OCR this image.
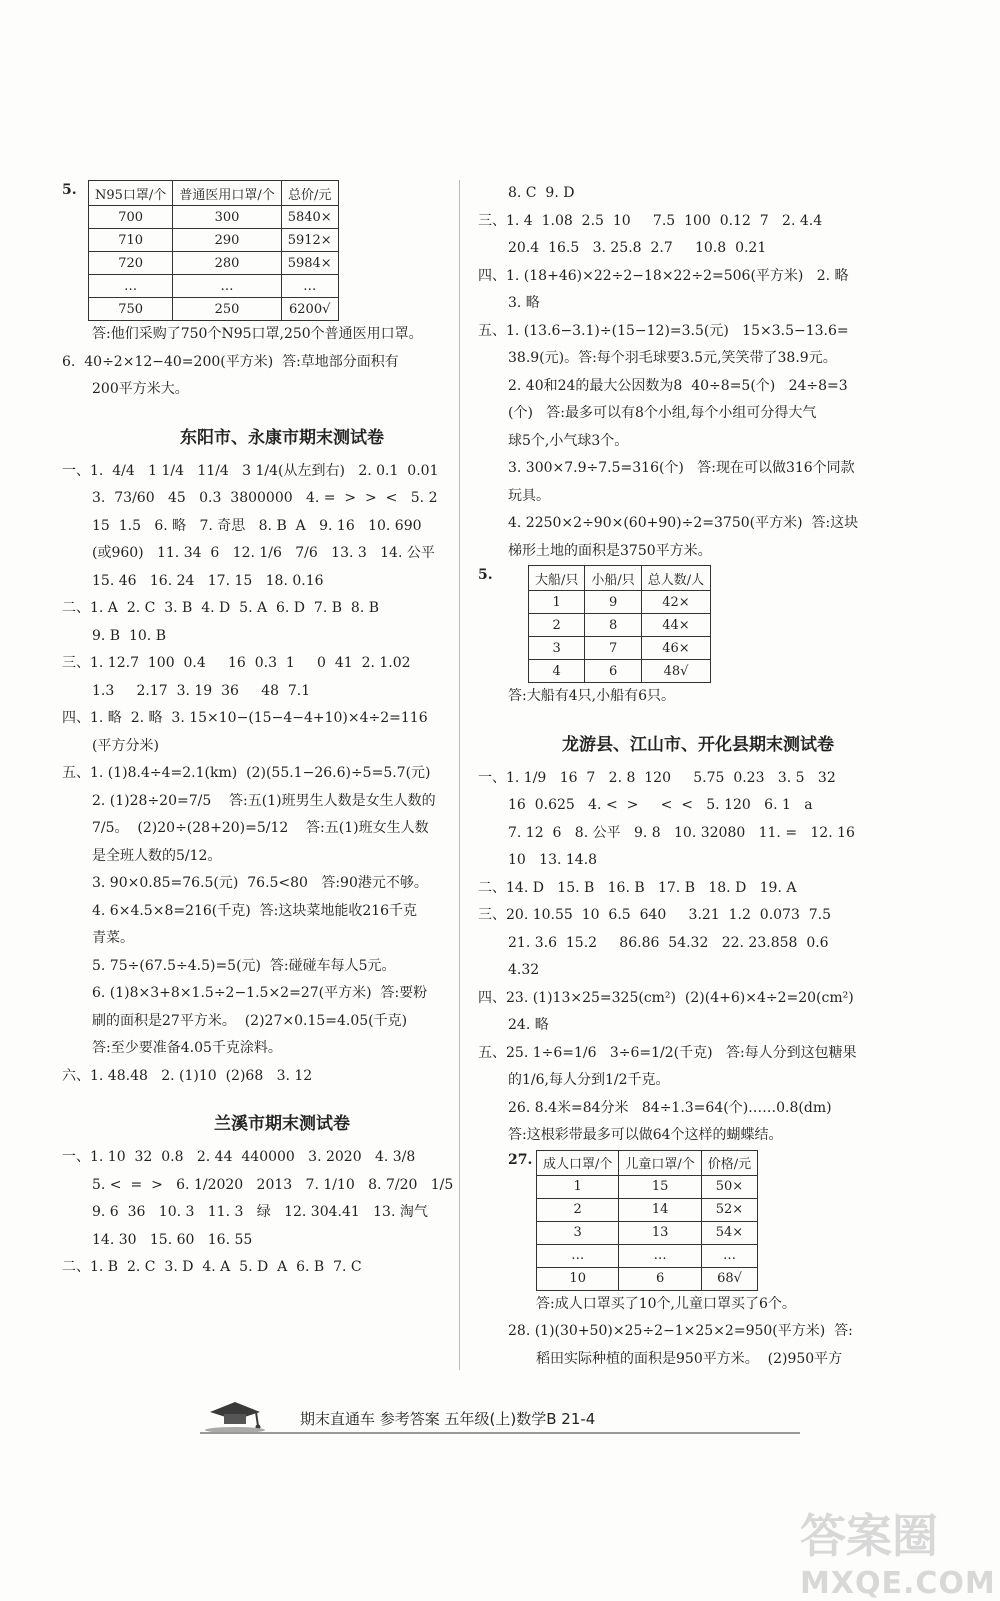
5. N95口罩/个	普通医用口罩/个	总价/元
700	300	5840×
710	290	5912×
720	280	5984×
…	…	…
750	250	6200√
答:他们采购了750个N95口罩,250个普通医用口罩。
6.  40÷2×12−40=200(平方米)  答:草地部分面积有
200平方米大。
东阳市、永康市期末测试卷
一、1.  4/4   1 1/4   11/4   3 1/4(从左到右)   2. 0.1  0.01
3.  73/60   45   0.3  3800000   4. =  >  >  <   5. 2
15  1.5   6. 略   7. 奇思   8. B  A   9. 16   10. 690
(或960)   11. 34  6   12. 1/6   7/6   13. 3   14. 公平
15. 46   16. 24   17. 15   18. 0.16
二、1. A  2. C  3. B  4. D  5. A  6. D  7. B  8. B
9. B  10. B
三、1. 12.7  100  0.4     16  0.3  1     0  41  2. 1.02
1.3     2.17  3. 19  36     48  7.1
四、1. 略  2. 略  3. 15×10−(15−4−4+10)×4÷2=116
(平方分米)
五、1. (1)8.4÷4=2.1(km)  (2)(55.1−26.6)÷5=5.7(元)
2. (1)28÷20=7/5    答:五(1)班男生人数是女生人数的
7/5。  (2)20÷(28+20)=5/12    答:五(1)班女生人数
是全班人数的5/12。
3. 90×0.85=76.5(元)  76.5<80   答:90港元不够。
4. 6×4.5×8=216(千克)  答:这块菜地能收216千克
青菜。
5. 75÷(67.5÷4.5)=5(元)  答:碰碰车每人5元。
6. (1)8×3+8×1.5÷2−1.5×2=27(平方米)  答:要粉
刷的面积是27平方米。  (2)27×0.15=4.05(千克)
答:至少要准备4.05千克涂料。
六、1. 48.48   2. (1)10  (2)68   3. 12
兰溪市期末测试卷
一、1. 10  32  0.8   2. 44  440000   3. 2020   4. 3/8
5. <  =  >   6. 1/2020   2013   7. 1/10   8. 7/20   1/5
9. 6  36   10. 3   11. 3   绿   12. 304.41   13. 淘气
14. 30   15. 60   16. 55
二、1. B  2. C  3. D  4. A  5. D  A  6. B  7. C
8. C  9. D
三、1. 4  1.08  2.5  10     7.5  100  0.12  7   2. 4.4
20.4  16.5   3. 25.8  2.7     10.8  0.21
四、1. (18+46)×22÷2−18×22÷2=506(平方米)   2. 略
3. 略
五、1. (13.6−3.1)÷(15−12)=3.5(元)   15×3.5−13.6=
38.9(元)。答:每个羽毛球要3.5元,笑笑带了38.9元。
2. 40和24的最大公因数为8  40÷8=5(个)   24÷8=3
(个)   答:最多可以有8个小组,每个小组可分得大气
球5个,小气球3个。
3. 300×7.9÷7.5=316(个)   答:现在可以做316个同款
玩具。
4. 2250×2÷90×(60+90)÷2=3750(平方米)  答:这块
梯形土地的面积是3750平方米。
5.	大船/只	小船/只	总人数/人
1	9	42×
2	8	44×
3	7	46×
4	6	48√
答:大船有4只,小船有6只。
龙游县、江山市、开化县期末测试卷
一、1. 1/9   16  7   2. 8  120     5.75  0.23   3. 5   32
16  0.625   4. <  >     <  <   5. 120   6. 1   a
7. 12  6   8. 公平   9. 8   10. 32080   11. =   12. 16
10   13. 14.8
二、14. D   15. B   16. B   17. B   18. D   19. A
三、20. 10.55  10  6.5  640     3.21  1.2  0.073  7.5
21. 3.6  15.2     86.86  54.32   22. 23.858  0.6
4.32
四、23. (1)13×25=325(cm²)  (2)(4+6)×4÷2=20(cm²)
24. 略
五、25. 1÷6=1/6   3÷6=1/2(千克)   答:每人分到这包糖果
的1/6,每人分到1/2千克。
26. 8.4米=84分米   84÷1.3=64(个)……0.8(dm)
答:这根彩带最多可以做64个这样的蝴蝶结。
27. 成人口罩/个	儿童口罩/个	价格/元
1	15	50×
2	14	52×
3	13	54×
…	…	…
10	6	68√
答:成人口罩买了10个,儿童口罩买了6个。
28. (1)(30+50)×25÷2−1×25×2=950(平方米)  答:
稻田实际种植的面积是950平方米。  (2)950平方
期末直通车 参考答案 五年级(上)数学B 21-4
答案圈
MXQE.COM
